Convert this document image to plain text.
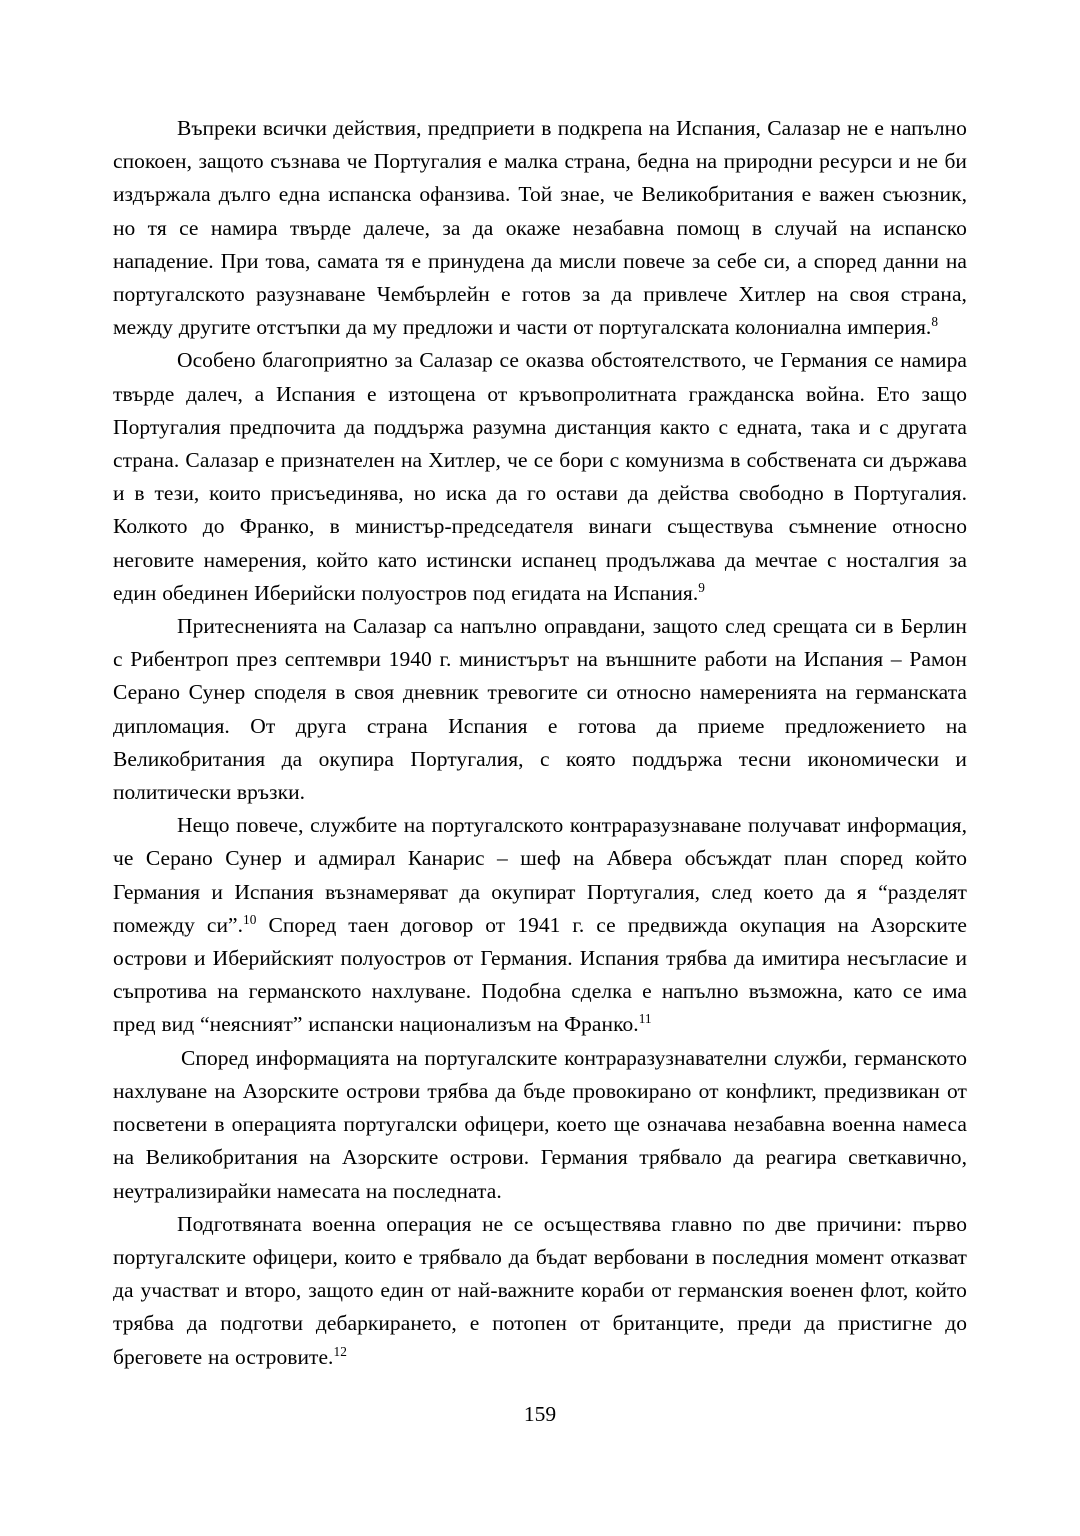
Въпреки всички действия, предприети в подкрепа на Испания, Салазар не е напълно спокоен, защото съзнава че Португалия е малка страна, бедна на природни ресурси и не би издържала дълго една испанска офанзива. Той знае, че Великобритания е важен съюзник, но тя се намира твърде далече, за да окаже незабавна помощ в случай на испанско нападение. При това, самата тя е принудена да мисли повече за себе си, а според данни на португалското разузнаване Чембърлейн е готов за да привлече Хитлер на своя страна, между другите отстъпки да му предложи и части от португалската колониална империя.$^8$

Особено благоприятно за Салазар се оказва обстоятелството, че Германия се намира твърде далеч, а Испания е изтощена от кръвопролитната гражданска война. Ето защо Португалия предпочита да поддържа разумна дистанция както с едната, така и с другата страна. Салазар е признателен на Хитлер, че се бори с комунизма в собствената си държава и в тези, които присъединява, но иска да го остави да действа свободно в Португалия. Колкото до Франко, в министър-председателя винаги съществува съмнение относно неговите намерения, който като истински испанец продължава да мечтае с носталгия за един обединен Иберийски полуостров под егидата на Испания.$^9$

Притесненията на Салазар са напълно оправдани, защото след срещата си в Берлин с Рибентроп през септември 1940 г. министърът на външните работи на Испания – Рамон Серано Сунер споделя в своя дневник тревогите си относно намеренията на германската дипломация. От друга страна Испания е готова да приеме предложението на Великобритания да окупира Португалия, с която поддържа тесни икономически и политически връзки.

Нещо повече, службите на португалското контраразузнаване получават информация, че Серано Сунер и адмирал Канарис – шеф на Абвера обсъждат план според който Германия и Испания възнамеряват да окупират Португалия, след което да я “разделят помежду си”.$^{10}$ Според таен договор от 1941 г. се предвижда окупация на Азорските острови и Иберийският полуостров от Германия. Испания трябва да имитира несъгласие и съпротива на германското нахлуване. Подобна сделка е напълно възможна, като се има пред вид “неясният” испански национализъм на Франко.$^{11}$

Според информацията на португалските контраразузнавателни служби, германското нахлуване на Азорските острови трябва да бъде провокирано от конфликт, предизвикан от посветени в операцията португалски офицери, което ще означава незабавна военна намеса на Великобритания на Азорските острови. Германия трябвало да реагира светкавично, неутрализирайки намесата на последната.

Подготвяната военна операция не се осъществява главно по две причини: първо португалските офицери, които е трябвало да бъдат вербовани в последния момент отказват да участват и второ, защото един от най-важните кораби от германския военен флот, който трябва да подготви дебаркирането, е потопен от британците, преди да пристигне до бреговете на островите.$^{12}$

159
